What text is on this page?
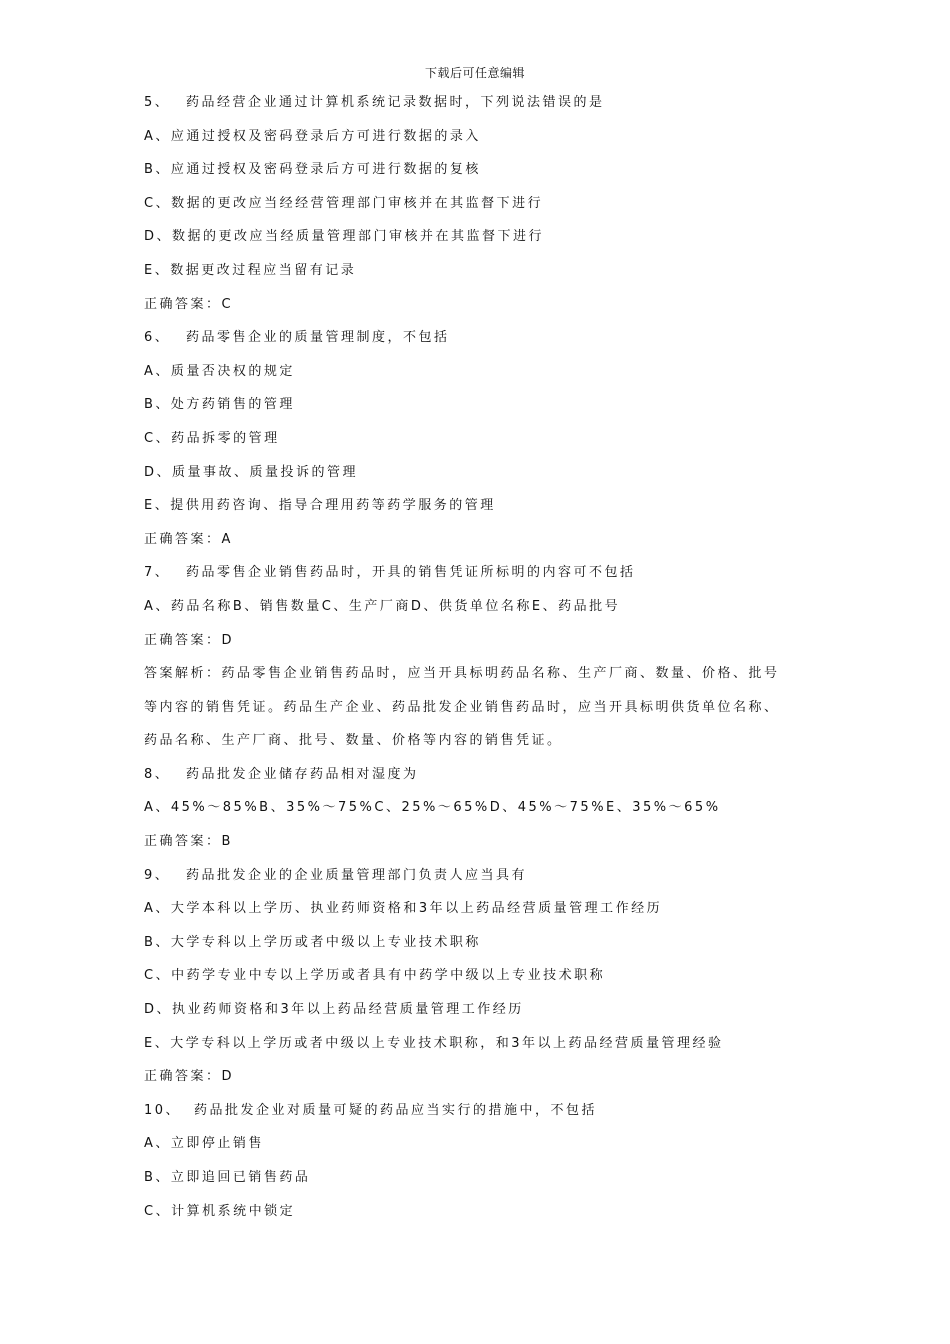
下载后可任意编辑
5、 药品经营企业通过计算机系统记录数据时，下列说法错误的是
A、应通过授权及密码登录后方可进行数据的录入
B、应通过授权及密码登录后方可进行数据的复核
C、数据的更改应当经经营管理部门审核并在其监督下进行
D、数据的更改应当经质量管理部门审核并在其监督下进行
E、数据更改过程应当留有记录
正确答案：C
6、 药品零售企业的质量管理制度，不包括
A、质量否决权的规定
B、处方药销售的管理
C、药品拆零的管理
D、质量事故、质量投诉的管理
E、提供用药咨询、指导合理用药等药学服务的管理
正确答案：A
7、 药品零售企业销售药品时，开具的销售凭证所标明的内容可不包括
A、药品名称B、销售数量C、生产厂商D、供货单位名称E、药品批号
正确答案：D
答案解析：药品零售企业销售药品时，应当开具标明药品名称、生产厂商、数量、价格、批号
等内容的销售凭证。药品生产企业、药品批发企业销售药品时，应当开具标明供货单位名称、
药品名称、生产厂商、批号、数量、价格等内容的销售凭证。
8、 药品批发企业储存药品相对湿度为
A、45%～85%B、35%～75%C、25%～65%D、45%～75%E、35%～65%
正确答案：B
9、 药品批发企业的企业质量管理部门负责人应当具有
A、大学本科以上学历、执业药师资格和3年以上药品经营质量管理工作经历
B、大学专科以上学历或者中级以上专业技术职称
C、中药学专业中专以上学历或者具有中药学中级以上专业技术职称
D、执业药师资格和3年以上药品经营质量管理工作经历
E、大学专科以上学历或者中级以上专业技术职称，和3年以上药品经营质量管理经验
正确答案：D
10、 药品批发企业对质量可疑的药品应当实行的措施中，不包括
A、立即停止销售
B、立即追回已销售药品
C、计算机系统中锁定
